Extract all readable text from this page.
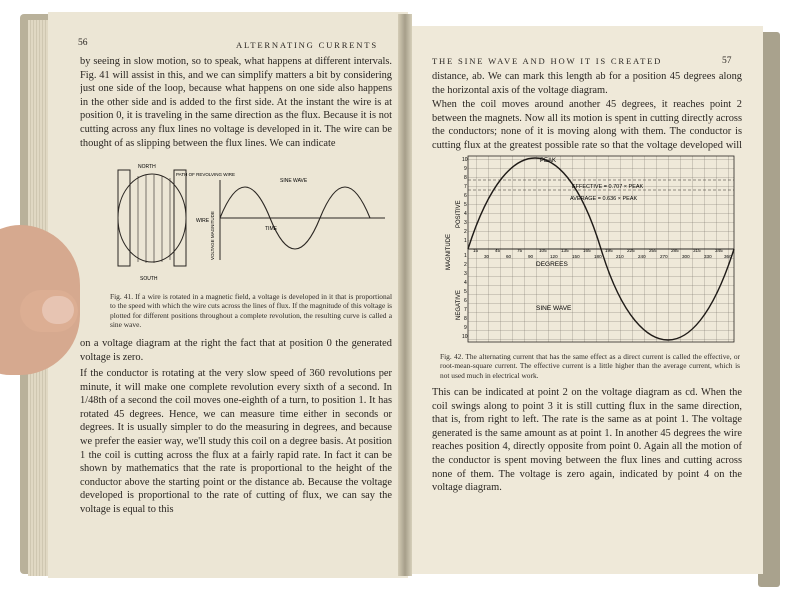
56	ALTERNATING CURRENTS
by seeing in slow motion, so to speak, what happens at different intervals. Fig. 41 will assist in this, and we can simplify matters a bit by considering just one side of the loop, because what happens on one side also happens in the other side and is added to the first side. At the instant the wire is at position 0, it is traveling in the same direction as the flux. Because it is not cutting across any flux lines no voltage is developed in it. The wire can be thought of as slipping between the flux lines. We can indicate
NORTH
SOUTH
PATH OF REVOLVING WIRE
WIRE
SINE WAVE
TIME
VOLTAGE MAGNITUDE
Fig. 41. If a wire is rotated in a magnetic field, a voltage is developed in it that is proportional to the speed with which the wire cuts across the lines of flux. If the magnitude of this voltage is plotted for different positions throughout a complete revolution, the resulting curve is called a sine wave.
on a voltage diagram at the right the fact that at position 0 the generated voltage is zero.
If the conductor is rotating at the very slow speed of 360 revolutions per minute, it will make one complete revolution every sixth of a second. In 1/48th of a second the coil moves one-eighth of a turn, to position 1. It has rotated 45 degrees. Hence, we can measure time either in seconds or degrees. It is usually simpler to do the measuring in degrees, and because we prefer the easier way, we'll study this coil on a degree basis. At position 1 the coil is cutting across the flux at a fairly rapid rate. In fact it can be shown by mathematics that the rate is proportional to the height of the conductor above the starting point or the distance ab. Because the voltage developed is proportional to the rate of cutting of flux, we can say the voltage is equal to this
THE SINE WAVE AND HOW IT IS CREATED	57
distance, ab. We can mark this length ab for a position 45 degrees along the horizontal axis of the voltage diagram.
When the coil moves around another 45 degrees, it reaches point 2 between the magnets. Now all its motion is spent in cutting directly across the conductors; none of it is moving along with them. The conductor is cutting flux at the greatest possible rate so that the voltage developed will
PEAK
EFFECTIVE = 0.707 × PEAK
AVERAGE = 0.636 × PEAK
DEGREES
SINE WAVE
MAGNITUDE
POSITIVE
NEGATIVE
10
9
8
7
6
5
4
3
2
1
1
2
3
4
5
6
7
8
9
10
15	45	75	105	135	165	195	225	255	285	315	345
30	60	90	120	150	180	210	240	270	300	330	360
Fig. 42. The alternating current that has the same effect as a direct current is called the effective, or root-mean-square current. The effective current is a little higher than the average current, which is not used much in electrical work.
This can be indicated at point 2 on the voltage diagram as cd. When the coil swings along to point 3 it is still cutting flux in the same direction, that is, from right to left. The rate is the same as at point 1. The voltage generated is the same amount as at point 1. In another 45 degrees the wire reaches position 4, directly opposite from point 0. Again all the motion of the conductor is spent moving between the flux lines and cutting across none of them. The voltage is zero again, indicated by point 4 on the voltage diagram.
